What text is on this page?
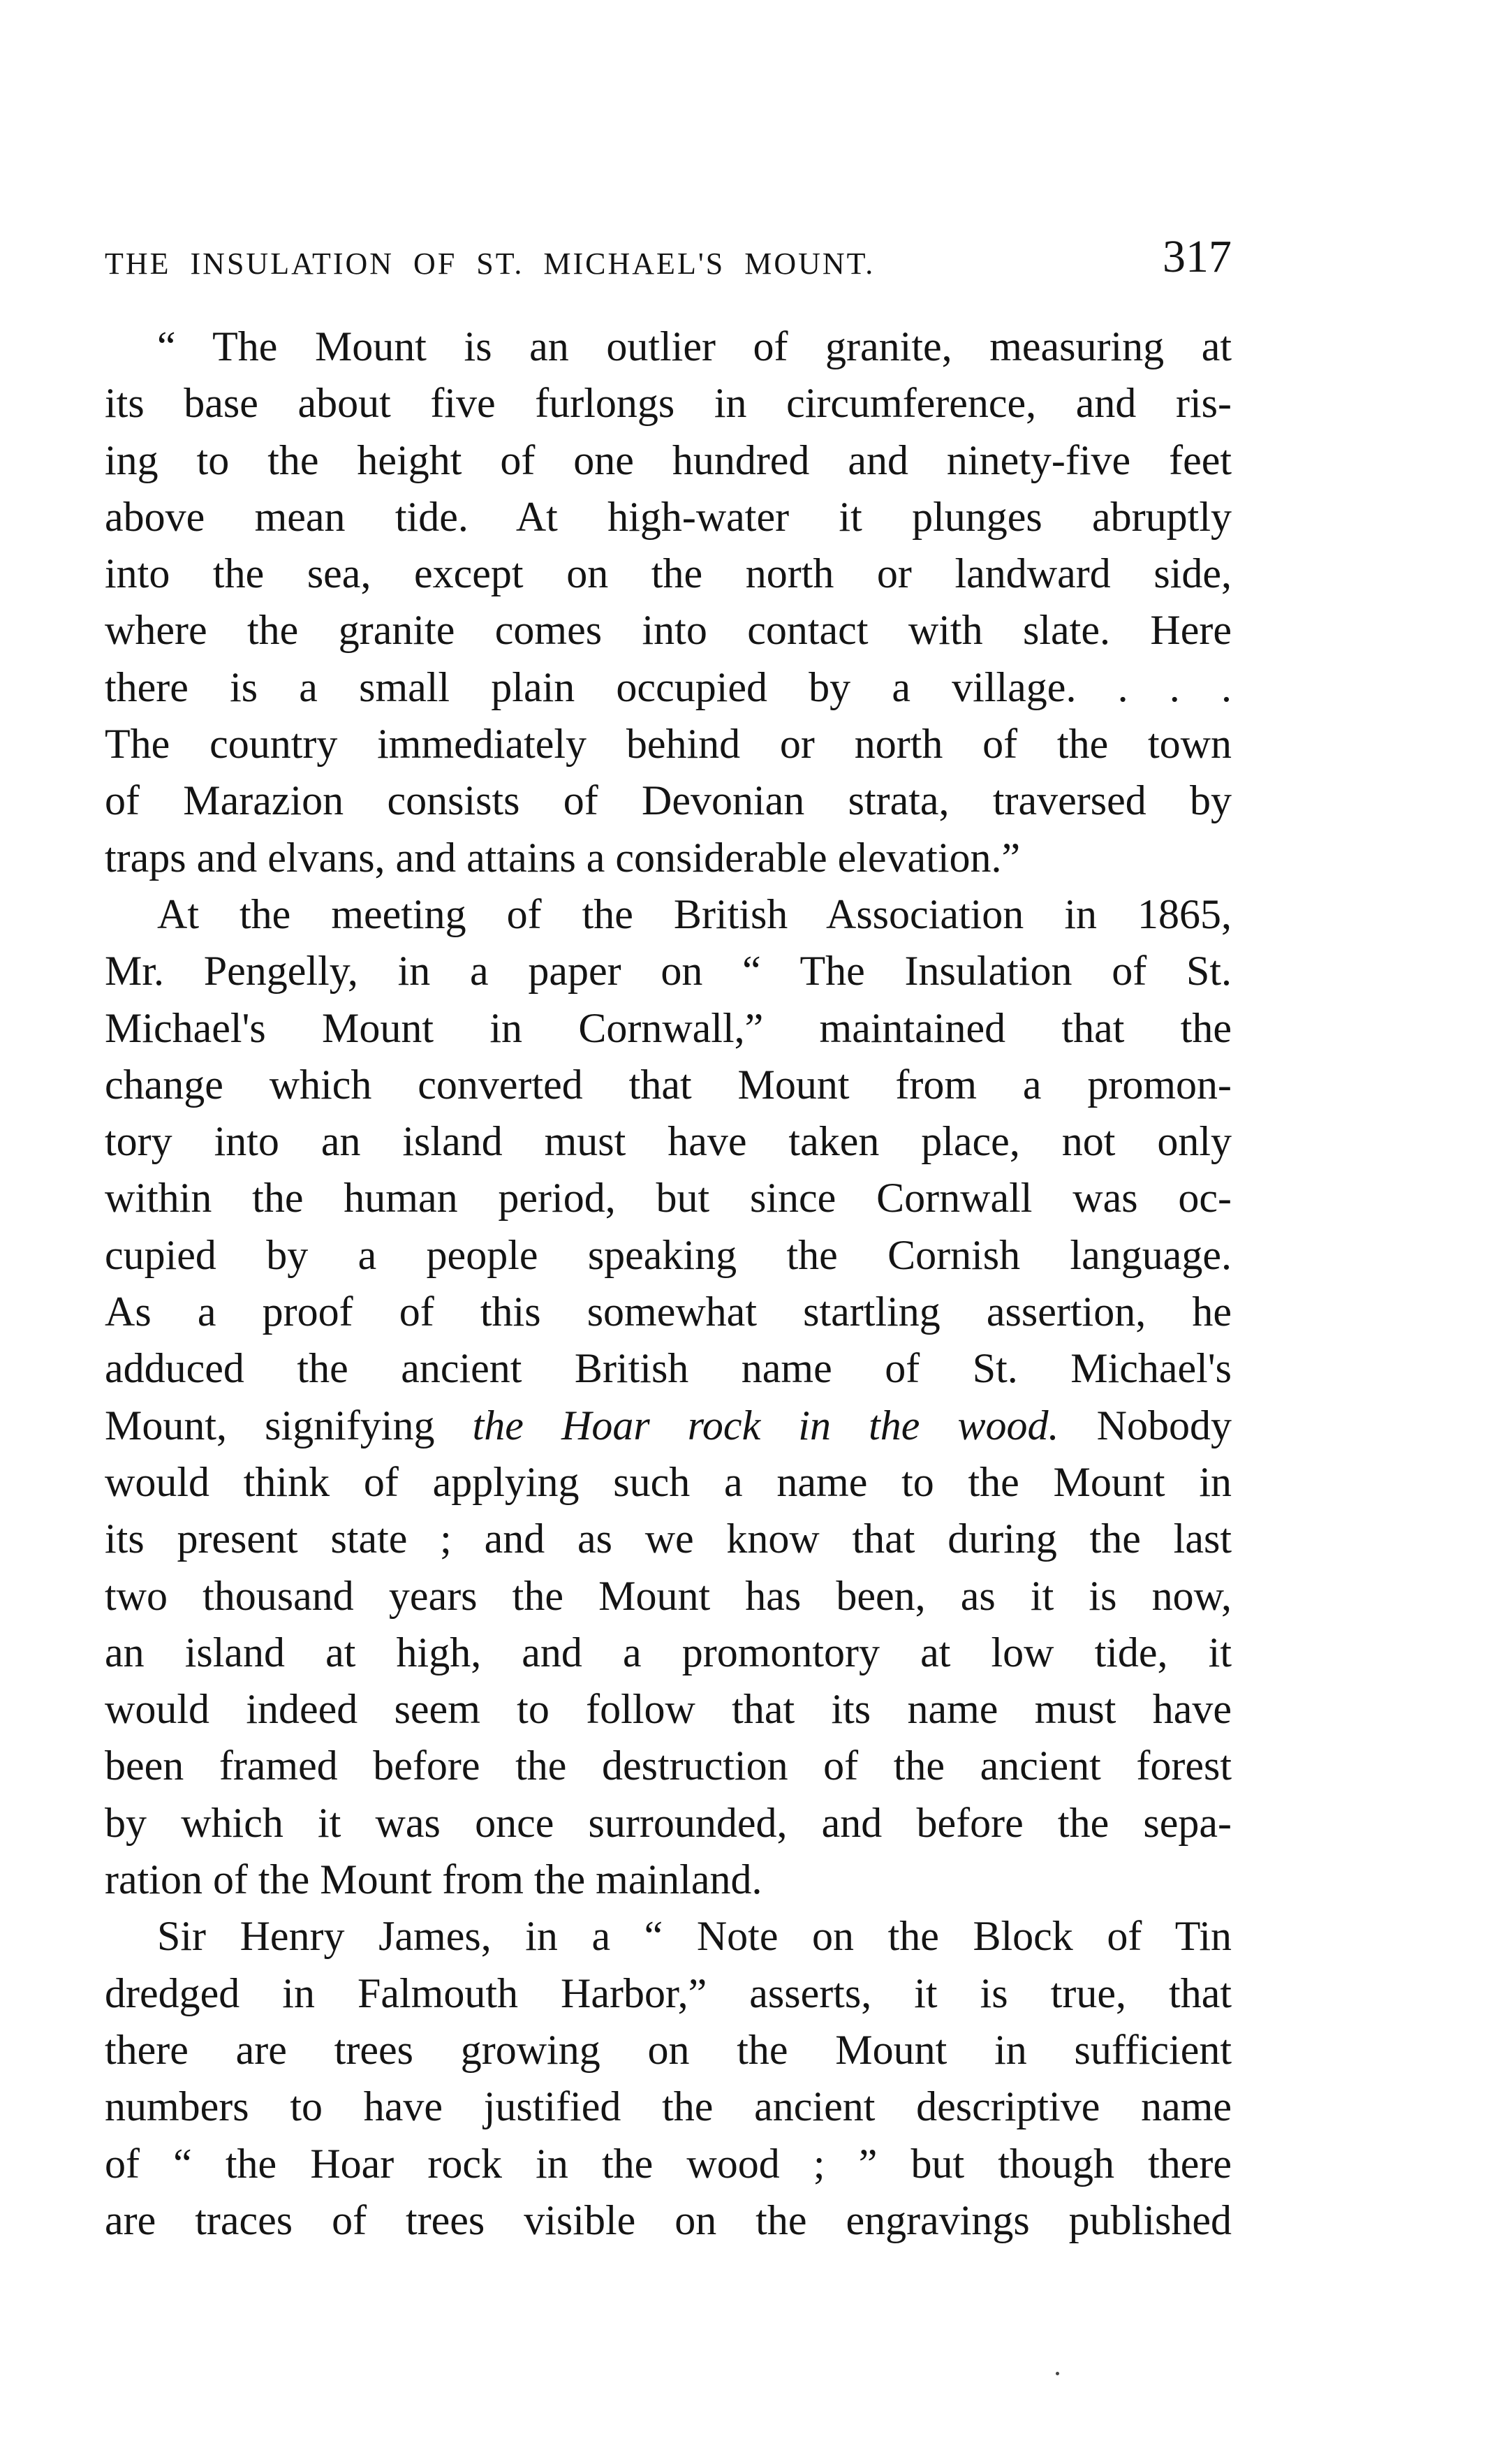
THE INSULATION OF ST. MICHAEL'S MOUNT.	317
“ The Mount is an outlier of granite, measuring at
its base about five furlongs in circumference, and ris-
ing to the height of one hundred and ninety-five feet
above mean tide. At high-water it plunges abruptly
into the sea, except on the north or landward side,
where the granite comes into contact with slate. Here
there is a small plain occupied by a village. . . .
The country immediately behind or north of the town
of Marazion consists of Devonian strata, traversed by
traps and elvans, and attains a considerable elevation.”
At the meeting of the British Association in 1865,
Mr. Pengelly, in a paper on “ The Insulation of St.
Michael's Mount in Cornwall,” maintained that the
change which converted that Mount from a promon-
tory into an island must have taken place, not only
within the human period, but since Cornwall was oc-
cupied by a people speaking the Cornish language.
As a proof of this somewhat startling assertion, he
adduced the ancient British name of St. Michael's
Mount, signifying the Hoar rock in the wood. Nobody
would think of applying such a name to the Mount in
its present state ; and as we know that during the last
two thousand years the Mount has been, as it is now,
an island at high, and a promontory at low tide, it
would indeed seem to follow that its name must have
been framed before the destruction of the ancient forest
by which it was once surrounded, and before the sepa-
ration of the Mount from the mainland.
Sir Henry James, in a “ Note on the Block of Tin
dredged in Falmouth Harbor,” asserts, it is true, that
there are trees growing on the Mount in sufficient
numbers to have justified the ancient descriptive name
of “ the Hoar rock in the wood ; ” but though there
are traces of trees visible on the engravings published
